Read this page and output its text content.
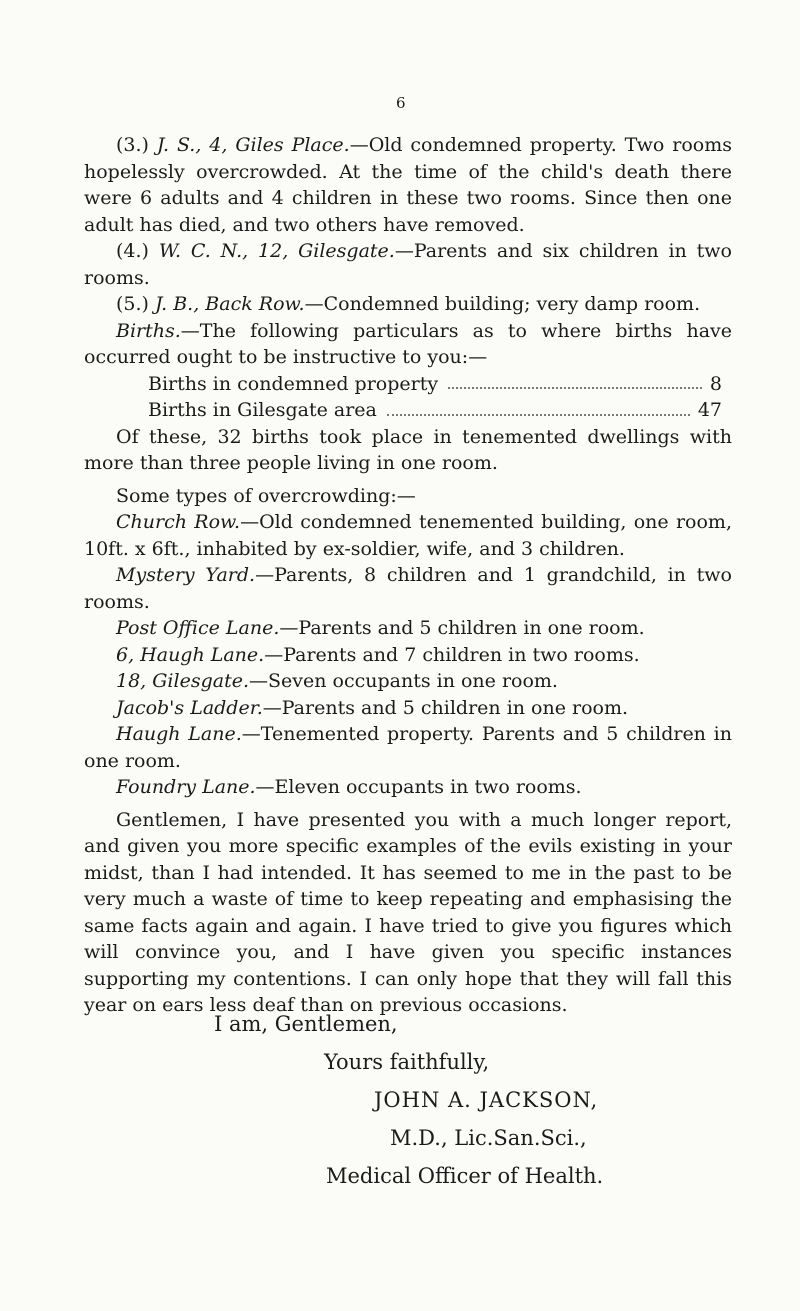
6

(3.) J. S., 4, Giles Place.—Old condemned property. Two rooms hopelessly overcrowded. At the time of the child's death there were 6 adults and 4 children in these two rooms. Since then one adult has died, and two others have removed.

(4.) W. C. N., 12, Gilesgate.—Parents and six children in two rooms.

(5.) J. B., Back Row.—Condemned building; very damp room.

Births.—The following particulars as to where births have occurred ought to be instructive to you:—

Births in condemned property	8
Births in Gilesgate area	47

Of these, 32 births took place in tenemented dwellings with more than three people living in one room.

Some types of overcrowding:—

Church Row.—Old condemned tenemented building, one room, 10ft. x 6ft., inhabited by ex-soldier, wife, and 3 children.

Mystery Yard.—Parents, 8 children and 1 grandchild, in two rooms.

Post Office Lane.—Parents and 5 children in one room.

6, Haugh Lane.—Parents and 7 children in two rooms.

18, Gilesgate.—Seven occupants in one room.

Jacob's Ladder.—Parents and 5 children in one room.

Haugh Lane.—Tenemented property. Parents and 5 children in one room.

Foundry Lane.—Eleven occupants in two rooms.

Gentlemen, I have presented you with a much longer report, and given you more specific examples of the evils existing in your midst, than I had intended. It has seemed to me in the past to be very much a waste of time to keep repeating and emphasising the same facts again and again. I have tried to give you figures which will convince you, and I have given you specific instances supporting my contentions. I can only hope that they will fall this year on ears less deaf than on previous occasions.

I am, Gentlemen,

Yours faithfully,

JOHN A. JACKSON,

M.D., Lic.San.Sci.,

Medical Officer of Health.
